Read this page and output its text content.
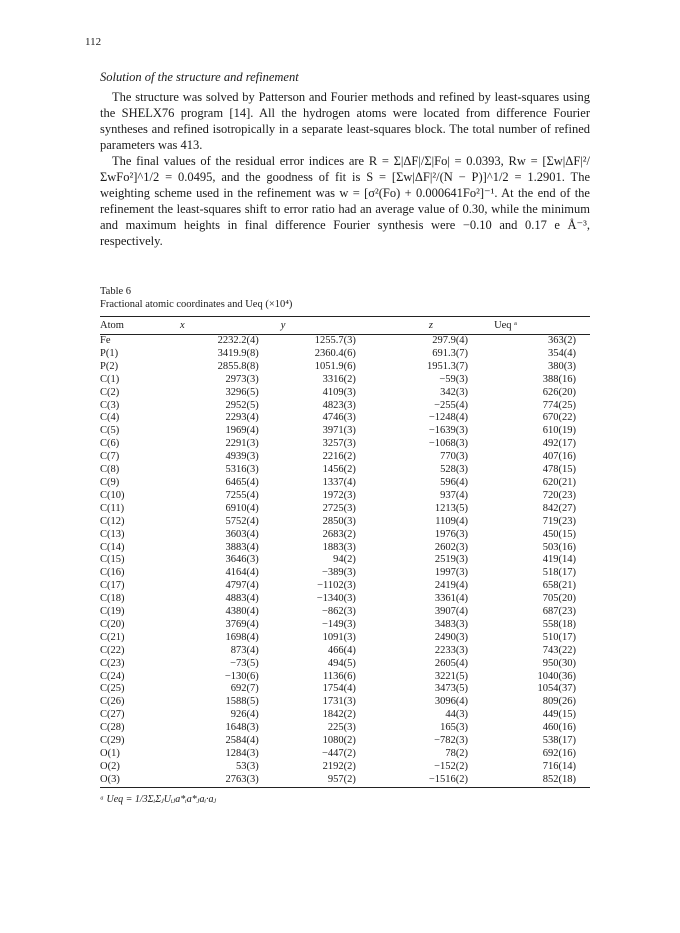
112

Solution of the structure and refinement

The structure was solved by Patterson and Fourier methods and refined by least-squares using the SHELX76 program [14]. All the hydrogen atoms were located from difference Fourier syntheses and refined isotropically in a separate least-squares block. The total number of refined parameters was 413.

The final values of the residual error indices are R = Σ|ΔF|/Σ|Fo| = 0.0393, Rw = [Σw|ΔF|²/ΣwFo²]^1/2 = 0.0495, and the goodness of fit is S = [Σw|ΔF|²/(N − P)]^1/2 = 1.2901. The weighting scheme used in the refinement was w = [σ²(Fo) + 0.000641Fo²]⁻¹. At the end of the refinement the least-squares shift to error ratio had an average value of 0.30, while the minimum and maximum heights in final difference Fourier synthesis were −0.10 and 0.17 e Å⁻³, respectively.

Table 6

Fractional atomic coordinates and Ueq (×10⁴)

Atom	x	y	z	Ueq ᵃ
Fe	2232.2(4)	1255.7(3)	297.9(4)	363(2)
P(1)	3419.9(8)	2360.4(6)	691.3(7)	354(4)
P(2)	2855.8(8)	1051.9(6)	1951.3(7)	380(3)
C(1)	2973(3)	3316(2)	−59(3)	388(16)
C(2)	3296(5)	4109(3)	342(3)	626(20)
C(3)	2952(5)	4823(3)	−255(4)	774(25)
C(4)	2293(4)	4746(3)	−1248(4)	670(22)
C(5)	1969(4)	3971(3)	−1639(3)	610(19)
C(6)	2291(3)	3257(3)	−1068(3)	492(17)
C(7)	4939(3)	2216(2)	770(3)	407(16)
C(8)	5316(3)	1456(2)	528(3)	478(15)
C(9)	6465(4)	1337(4)	596(4)	620(21)
C(10)	7255(4)	1972(3)	937(4)	720(23)
C(11)	6910(4)	2725(3)	1213(5)	842(27)
C(12)	5752(4)	2850(3)	1109(4)	719(23)
C(13)	3603(4)	2683(2)	1976(3)	450(15)
C(14)	3883(4)	1883(3)	2602(3)	503(16)
C(15)	3646(3)	94(2)	2519(3)	419(14)
C(16)	4164(4)	−389(3)	1997(3)	518(17)
C(17)	4797(4)	−1102(3)	2419(4)	658(21)
C(18)	4883(4)	−1340(3)	3361(4)	705(20)
C(19)	4380(4)	−862(3)	3907(4)	687(23)
C(20)	3769(4)	−149(3)	3483(3)	558(18)
C(21)	1698(4)	1091(3)	2490(3)	510(17)
C(22)	873(4)	466(4)	2233(3)	743(22)
C(23)	−73(5)	494(5)	2605(4)	950(30)
C(24)	−130(6)	1136(6)	3221(5)	1040(36)
C(25)	692(7)	1754(4)	3473(5)	1054(37)
C(26)	1588(5)	1731(3)	3096(4)	809(26)
C(27)	926(4)	1842(2)	44(3)	449(15)
C(28)	1648(3)	225(3)	165(3)	460(16)
C(29)	2584(4)	1080(2)	−782(3)	538(17)
O(1)	1284(3)	−447(2)	78(2)	692(16)
O(2)	53(3)	2192(2)	−152(2)	716(14)
O(3)	2763(3)	957(2)	−1516(2)	852(18)
ᵃ Ueq = 1/3ΣᵢΣⱼUᵢⱼa*ᵢa*ⱼaᵢ·aⱼ
